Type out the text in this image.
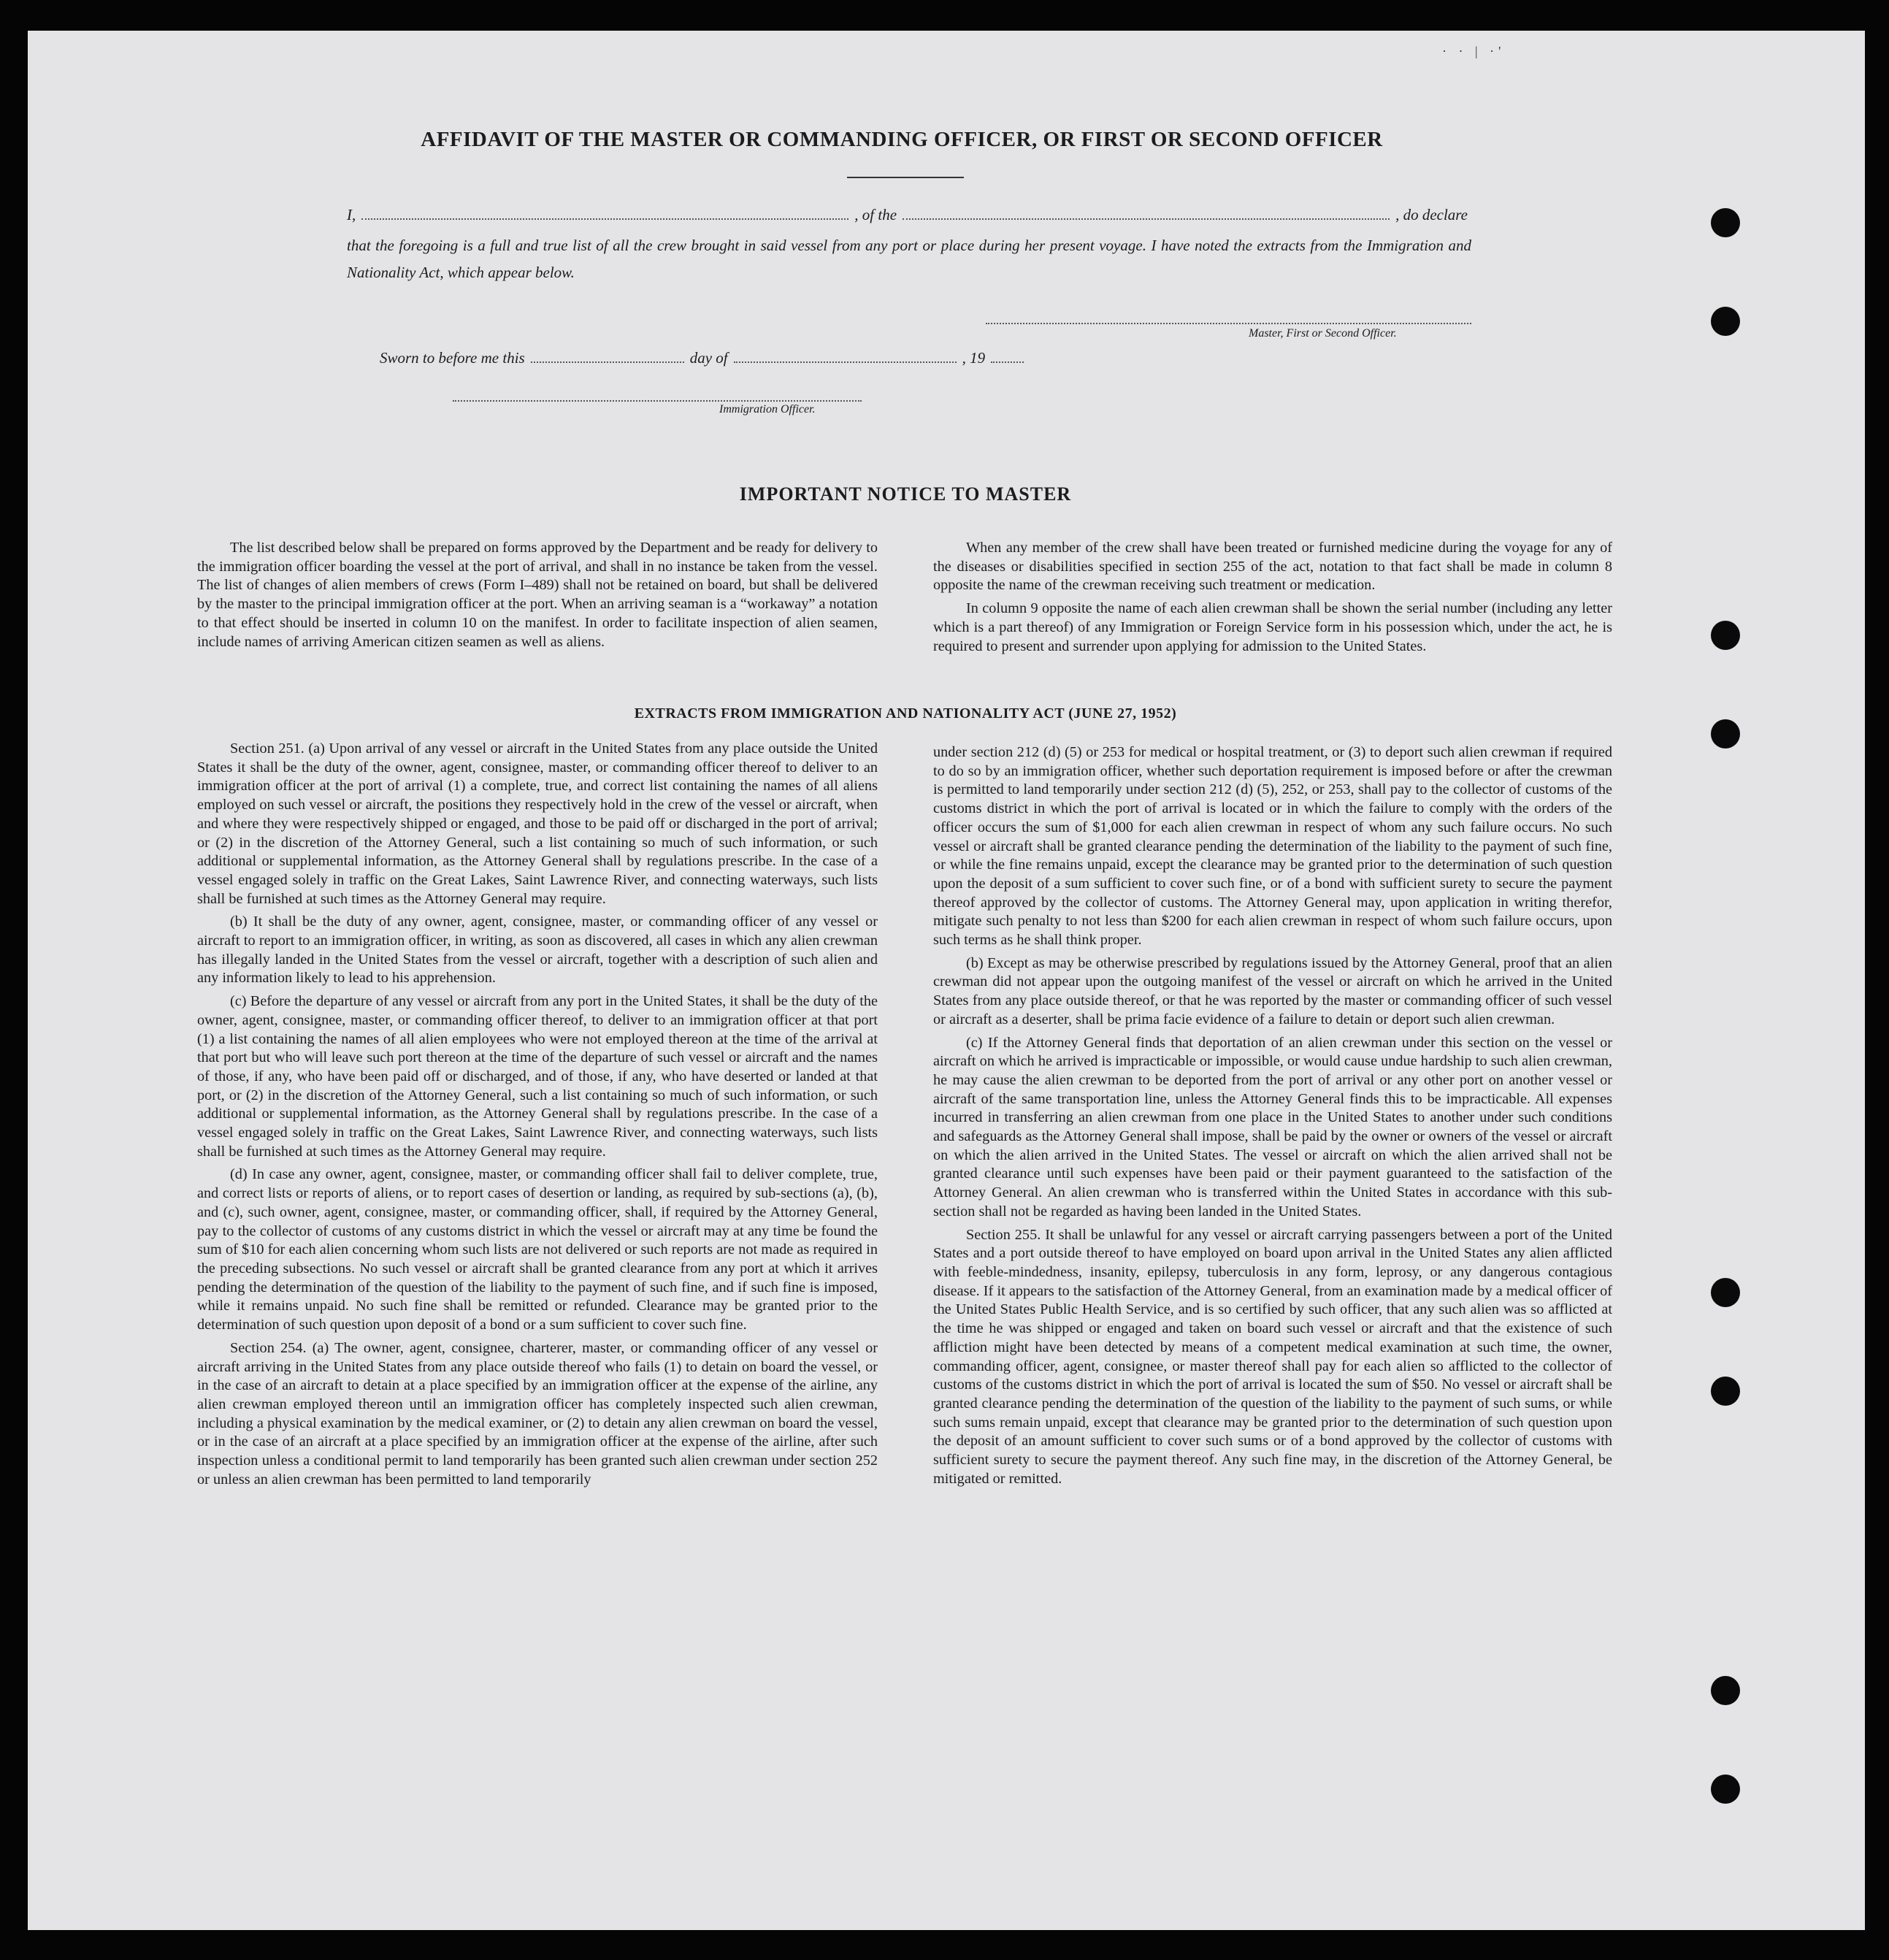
· · | ·'
AFFIDAVIT OF THE MASTER OR COMMANDING OFFICER, OR FIRST OR SECOND OFFICER
I,	, of the	, do declare
that the foregoing is a full and true list of all the crew brought in said vessel from any port or place during her present voyage. I have noted the extracts from the Immigration and Nationality Act, which appear below.
Master, First or Second Officer.
Sworn to before me this	day of	, 19
Immigration Officer.
IMPORTANT NOTICE TO MASTER

The list described below shall be prepared on forms approved by the Department and be ready for delivery to the immigration officer boarding the vessel at the port of arrival, and shall in no instance be taken from the vessel. The list of changes of alien members of crews (Form I–489) shall not be retained on board, but shall be delivered by the master to the principal immigration officer at the port. When an arriving seaman is a “workaway” a notation to that effect should be inserted in column 10 on the manifest. In order to facilitate inspection of alien seamen, include names of arriving American citizen seamen as well as aliens.

When any member of the crew shall have been treated or furnished medicine during the voyage for any of the diseases or disabilities specified in section 255 of the act, notation to that fact shall be made in column 8 opposite the name of the crewman receiving such treatment or medication.

In column 9 opposite the name of each alien crewman shall be shown the serial number (including any letter which is a part thereof) of any Immigration or Foreign Service form in his possession which, under the act, he is required to present and surrender upon applying for admission to the United States.

EXTRACTS FROM IMMIGRATION AND NATIONALITY ACT (JUNE 27, 1952)

Section 251. (a) Upon arrival of any vessel or aircraft in the United States from any place outside the United States it shall be the duty of the owner, agent, consignee, master, or commanding officer thereof to deliver to an immigration officer at the port of arrival (1) a complete, true, and correct list containing the names of all aliens employed on such vessel or aircraft, the positions they respectively hold in the crew of the vessel or aircraft, when and where they were respectively shipped or engaged, and those to be paid off or discharged in the port of arrival; or (2) in the discretion of the Attorney General, such a list containing so much of such information, or such additional or supplemental information, as the Attorney General shall by regulations prescribe. In the case of a vessel engaged solely in traffic on the Great Lakes, Saint Lawrence River, and connecting waterways, such lists shall be furnished at such times as the Attorney General may require.

(b) It shall be the duty of any owner, agent, consignee, master, or commanding officer of any vessel or aircraft to report to an immigration officer, in writing, as soon as discovered, all cases in which any alien crewman has illegally landed in the United States from the vessel or aircraft, together with a description of such alien and any information likely to lead to his apprehension.

(c) Before the departure of any vessel or aircraft from any port in the United States, it shall be the duty of the owner, agent, consignee, master, or commanding officer thereof, to deliver to an immigration officer at that port (1) a list containing the names of all alien employees who were not employed thereon at the time of the arrival at that port but who will leave such port thereon at the time of the departure of such vessel or aircraft and the names of those, if any, who have been paid off or discharged, and of those, if any, who have deserted or landed at that port, or (2) in the discretion of the Attorney General, such a list containing so much of such information, or such additional or supplemental information, as the Attorney General shall by regulations prescribe. In the case of a vessel engaged solely in traffic on the Great Lakes, Saint Lawrence River, and connecting waterways, such lists shall be furnished at such times as the Attorney General may require.

(d) In case any owner, agent, consignee, master, or commanding officer shall fail to deliver complete, true, and correct lists or reports of aliens, or to report cases of desertion or landing, as required by sub-sections (a), (b), and (c), such owner, agent, consignee, master, or commanding officer, shall, if required by the Attorney General, pay to the collector of customs of any customs district in which the vessel or aircraft may at any time be found the sum of $10 for each alien concerning whom such lists are not delivered or such reports are not made as required in the preceding subsections. No such vessel or aircraft shall be granted clearance from any port at which it arrives pending the determination of the question of the liability to the payment of such fine, and if such fine is imposed, while it remains unpaid. No such fine shall be remitted or refunded. Clearance may be granted prior to the determination of such question upon deposit of a bond or a sum sufficient to cover such fine.

Section 254. (a) The owner, agent, consignee, charterer, master, or commanding officer of any vessel or aircraft arriving in the United States from any place outside thereof who fails (1) to detain on board the vessel, or in the case of an aircraft to detain at a place specified by an immigration officer at the expense of the airline, any alien crewman employed thereon until an immigration officer has completely inspected such alien crewman, including a physical examination by the medical examiner, or (2) to detain any alien crewman on board the vessel, or in the case of an aircraft at a place specified by an immigration officer at the expense of the airline, after such inspection unless a conditional permit to land temporarily has been granted such alien crewman under section 252 or unless an alien crewman has been permitted to land temporarily

under section 212 (d) (5) or 253 for medical or hospital treatment, or (3) to deport such alien crewman if required to do so by an immigration officer, whether such deportation requirement is imposed before or after the crewman is permitted to land temporarily under section 212 (d) (5), 252, or 253, shall pay to the collector of customs of the customs district in which the port of arrival is located or in which the failure to comply with the orders of the officer occurs the sum of $1,000 for each alien crewman in respect of whom any such failure occurs. No such vessel or aircraft shall be granted clearance pending the determination of the liability to the payment of such fine, or while the fine remains unpaid, except the clearance may be granted prior to the determination of such question upon the deposit of a sum sufficient to cover such fine, or of a bond with sufficient surety to secure the payment thereof approved by the collector of customs. The Attorney General may, upon application in writing therefor, mitigate such penalty to not less than $200 for each alien crewman in respect of whom such failure occurs, upon such terms as he shall think proper.

(b) Except as may be otherwise prescribed by regulations issued by the Attorney General, proof that an alien crewman did not appear upon the outgoing manifest of the vessel or aircraft on which he arrived in the United States from any place outside thereof, or that he was reported by the master or commanding officer of such vessel or aircraft as a deserter, shall be prima facie evidence of a failure to detain or deport such alien crewman.

(c) If the Attorney General finds that deportation of an alien crewman under this section on the vessel or aircraft on which he arrived is impracticable or impossible, or would cause undue hardship to such alien crewman, he may cause the alien crewman to be deported from the port of arrival or any other port on another vessel or aircraft of the same transportation line, unless the Attorney General finds this to be impracticable. All expenses incurred in transferring an alien crewman from one place in the United States to another under such conditions and safeguards as the Attorney General shall impose, shall be paid by the owner or owners of the vessel or aircraft on which the alien arrived in the United States. The vessel or aircraft on which the alien arrived shall not be granted clearance until such expenses have been paid or their payment guaranteed to the satisfaction of the Attorney General. An alien crewman who is transferred within the United States in accordance with this sub-section shall not be regarded as having been landed in the United States.

Section 255. It shall be unlawful for any vessel or aircraft carrying passengers between a port of the United States and a port outside thereof to have employed on board upon arrival in the United States any alien afflicted with feeble-mindedness, insanity, epilepsy, tuberculosis in any form, leprosy, or any dangerous contagious disease. If it appears to the satisfaction of the Attorney General, from an examination made by a medical officer of the United States Public Health Service, and is so certified by such officer, that any such alien was so afflicted at the time he was shipped or engaged and taken on board such vessel or aircraft and that the existence of such affliction might have been detected by means of a competent medical examination at such time, the owner, commanding officer, agent, consignee, or master thereof shall pay for each alien so afflicted to the collector of customs of the customs district in which the port of arrival is located the sum of $50. No vessel or aircraft shall be granted clearance pending the determination of the question of the liability to the payment of such sums, or while such sums remain unpaid, except that clearance may be granted prior to the determination of such question upon the deposit of an amount sufficient to cover such sums or of a bond approved by the collector of customs with sufficient surety to secure the payment thereof. Any such fine may, in the discretion of the Attorney General, be mitigated or remitted.
